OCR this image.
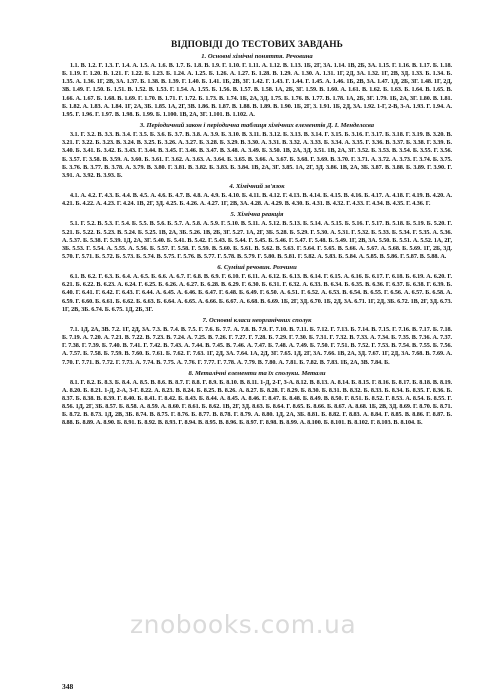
ВІДПОВІДІ ДО ТЕСТОВИХ ЗАВДАНЬ
1. Основні хімічні поняття. Речовина

1.1. В. 1.2. Г. 1.3. Г. 1.4. А. 1.5. А. 1.6. В. 1.7. Б. 1.8. В. 1.9. Г. 1.10. Г. 1.11. А. 1.12. В. 1.13. 1Б, 2Г, 3А. 1.14. 1В, 2Б, 3А. 1.15. Г. 1.16. В. 1.17. Б. 1.18. Б. 1.19. Г. 1.20. В. 1.21. Г. 1.22. Б. 1.23. Б. 1.24. А. 1.25. Б. 1.26. А. 1.27. Б. 1.28. В. 1.29. А. 1.30. А. 1.31. 1Г, 2Д, 3А. 1.32. 1Г, 2В, 3Д. 1.33. Б. 1.34. Б. 1.35. А. 1.36. 1Г, 2В, 3А. 1.37. Б. 1.38. В. 1.39. Г. 1.40. Б. 1.41. 1Б, 2В, 3Г. 1.42. Г. 1.43. Г. 1.44. Г. 1.45. А. 1.46. 1Б, 2В, 3А. 1.47. 1Д, 2Б, 3Г. 1.48. 1Г, 2Д, 3В. 1.49. Г. 1.50. Б. 1.51. В. 1.52. В. 1.53. Г. 1.54. А. 1.55. Б. 1.56. В. 1.57. В. 1.58. 1А, 2Б, 3Г. 1.59. В. 1.60. А. 1.61. В. 1.62. Б. 1.63. Б. 1.64. В. 1.65. В. 1.66. А. 1.67. Б. 1.68. В. 1.69. Г. 1.70. В. 1.71. Г. 1.72. Б. 1.73. В. 1.74. 1Б, 2А, 3Д. 1.75. Б. 1.76. В. 1.77. В. 1.78. 1А, 2Б, 3Г. 1.79. 1Б, 2А, 3Г. 1.80. В. 1.81. Б. 1.82. А. 1.83. А. 1.84. 1Г, 2А, 3Б. 1.85. 1А, 2Г, 3В. 1.86. В. 1.87. В. 1.88. В. 1.89. В. 1.90. 1Б, 2Г, 3. 1.91. 1Б, 2Д, 3А. 1.92. 1-Г, 2-В, 3-А. 1.93. Г. 1.94. А. 1.95. Г. 1.96. Г. 1.97. В. 1.98. Б. 1.99. Б. 1.100. 1В, 2А, 3Г. 1.101. В. 1.102. А.

3. Періодичний закон і періодична таблиця хімічних елементів Д. І. Менделєєва

3.1. Г. 3.2. В. 3.3. В. 3.4. Г. 3.5. Б. 3.6. Б. 3.7. В. 3.8. А. 3.9. Б. 3.10. В. 3.11. В. 3.12. Б. 3.13. В. 3.14. Г. 3.15. Б. 3.16. Г. 3.17. Б. 3.18. Г. 3.19. В. 3.20. В. 3.21. Г. 3.22. Б. 3.23. В. 3.24. В. 3.25. Б. 3.26. А. 3.27. Б. 3.28. Б. 3.29. В. 3.30. А. 3.31. В. 3.32. А. 3.33. Б. 3.34. А. 3.35. Г. 3.36. В. 3.37. Б. 3.38. Г. 3.39. Б. 3.40. Б. 3.41. Б. 3.42. Б. 3.43. Г. 3.44. В. 3.45. Г. 3.46. В. 3.47. В. 3.48. А. 3.49. Б. 3.50. 1В, 2А, 3Д. 3.51. 1В, 2А, 3Г. 3.52. Б. 3.53. В. 3.54. Б. 3.55. Г. 3.56. Б. 3.57. Г. 3.58. В. 3.59. А. 3.60. Б. 3.61. Г. 3.62. А. 3.63. А. 3.64. Б. 3.65. В. 3.66. А. 3.67. Б. 3.68. Г. 3.69. В. 3.70. Г. 3.71. А. 3.72. А. 3.73. Г. 3.74. Б. 3.75. Б. 3.76. В. 3.77. В. 3.78. А. 3.79. В. 3.80. Г. 3.81. В. 3.82. Б. 3.83. Б. 3.84. 1В, 2А, 3Г. 3.85. 1А, 2Г, 3Д. 3.86. 1В, 2А, 3Б. 3.87. В. 3.88. Б. 3.89. Г. 3.90. Г. 3.91. А. 3.92. В. 3.93. Б.

4. Хімічний зв'язок

4.1. А. 4.2. Г. 4.3. Б. 4.4. В. 4.5. А. 4.6. Б. 4.7. В. 4.8. А. 4.9. Б. 4.10. Б. 4.11. В. 4.12. Г. 4.13. В. 4.14. Б. 4.15. В. 4.16. Б. 4.17. А. 4.18. Г. 4.19. В. 4.20. А. 4.21. Б. 4.22. А. 4.23. Г. 4.24. 1В, 2Г, 3Д. 4.25. Б. 4.26. А. 4.27. 1Г, 2В, 3А. 4.28. А. 4.29. В. 4.30. Б. 4.31. В. 4.32. Г. 4.33. Г. 4.34. В. 4.35. Г. 4.36. Г.

5. Хімічна реакція

5.1. Г. 5.2. В. 5.3. Г. 5.4. Б. 5.5. В. 5.6. Б. 5.7. А. 5.8. А. 5.9. Г. 5.10. В. 5.11. А. 5.12. В. 5.13. Б. 5.14. А. 5.15. Б. 5.16. Г. 5.17. В. 5.18. Б. 5.19. Б. 5.20. Г. 5.21. Б. 5.22. Б. 5.23. В. 5.24. Б. 5.25. 1В, 2А, 3Б. 5.26. 1В, 2Б, 3Г. 5.27. 1А, 2Г, 3Б. 5.28. Б. 5.29. Г. 5.30. А. 5.31. Г. 5.32. Б. 5.33. Б. 5.34. Г. 5.35. А. 5.36. А. 5.37. Б. 5.38. Г. 5.39. 1Д, 2А, 3Г. 5.40. Б. 5.41. В. 5.42. Г. 5.43. Б. 5.44. Г. 5.45. Б. 5.46. Г. 5.47. Г. 5.48. Б. 5.49. 1Г, 2В, 3А. 5.50. Б. 5.51. А. 5.52. 1А, 2Г, 3Б. 5.53. Г. 5.54. А. 5.55. А. 5.56. Б. 5.57. Г. 5.58. Г. 5.59. В. 5.60. Б. 5.61. В. 5.62. В. 5.63. Г. 5.64. Г. 5.65. В. 5.66. А. 5.67. А. 5.68. Б. 5.69. 1Г, 2Б, 3Д. 5.70. Г. 5.71. Б. 5.72. Б. 5.73. Б. 5.74. В. 5.75. Г. 5.76. В. 5.77. Г. 5.78. В. 5.79. Г. 5.80. В. 5.81. Г. 5.82. А. 5.83. Б. 5.84. А. 5.85. В. 5.86. Г. 5.87. В. 5.88. А.

6. Суміші речовин. Розчини

6.1. В. 6.2. Г. 6.3. Б. 6.4. А. 6.5. Б. 6.6. А. 6.7. Г. 6.8. В. 6.9. Г. 6.10. Г. 6.11. А. 6.12. Б. 6.13. В. 6.14. Г. 6.15. А. 6.16. Б. 6.17. Г. 6.18. Б. 6.19. А. 6.20. Г. 6.21. Б. 6.22. В. 6.23. А. 6.24. Г. 6.25. Б. 6.26. А. 6.27. Б. 6.28. В. 6.29. Г. 6.30. Б. 6.31. Г. 6.32. А. 6.33. В. 6.34. Б. 6.35. В. 6.36. Г. 6.37. Б. 6.38. Г. 6.39. Б. 6.40. Г. 6.41. Г. 6.42. Г. 6.43. Г. 6.44. А. 6.45. А. 6.46. Б. 6.47. Г. 6.48. Б. 6.49. Г. 6.50. А. 6.51. Г. 6.52. А. 6.53. В. 6.54. В. 6.55. Г. 6.56. А. 6.57. Б. 6.58. А. 6.59. Г. 6.60. Б. 6.61. Б. 6.62. Б. 6.63. Б. 6.64. А. 6.65. А. 6.66. Б. 6.67. А. 6.68. В. 6.69. 1Б, 2Г, 3Д. 6.70. 1Б, 2Д, 3А. 6.71. 1Г, 2Д, 3Б. 6.72. 1В, 2Г, 3Д. 6.73. 1Г, 2В, 3Б. 6.74. Б. 6.75. 1Д, 2Б, 3Г.

7. Основні класи неорганічних сполук

7.1. 1Д, 2А, 3В. 7.2. 1Г, 2Д, 3А. 7.3. В. 7.4. В. 7.5. Г. 7.6. Б. 7.7. А. 7.8. В. 7.9. Г. 7.10. В. 7.11. Б. 7.12. Г. 7.13. Б. 7.14. В. 7.15. Г. 7.16. В. 7.17. Б. 7.18. Б. 7.19. А. 7.20. А. 7.21. В. 7.22. В. 7.23. В. 7.24. А. 7.25. В. 7.26. Г. 7.27. Г. 7.28. Б. 7.29. Г. 7.30. Б. 7.31. Г. 7.32. В. 7.33. А. 7.34. Б. 7.35. В. 7.36. А. 7.37. Г. 7.38. Г. 7.39. Б. 7.40. В. 7.41. Г. 7.42. В. 7.43. А. 7.44. В. 7.45. В. 7.46. А. 7.47. Б. 7.48. А. 7.49. Б. 7.50. Г. 7.51. В. 7.52. Г. 7.53. В. 7.54. В. 7.55. Б. 7.56. А. 7.57. Б. 7.58. Б. 7.59. В. 7.60. Б. 7.61. Б. 7.62. Г. 7.63. 1Г, 2Д, 3А. 7.64. 1А, 2Д, 3Г. 7.65. 1Д, 2Г, 3А. 7.66. 1В, 2А, 3Д. 7.67. 1Г, 2Д, 3А. 7.68. В. 7.69. А. 7.70. Г. 7.71. В. 7.72. Г. 7.73. А. 7.74. В. 7.75. А. 7.76. Г. 7.77. Г. 7.78. А. 7.79. В. 7.80. А. 7.81. Б. 7.82. В. 7.83. 1Б, 2А, 3В. 7.84. Б.

8. Металічні елементи та їх сполуки. Метали

8.1. Г. 8.2. Б. 8.3. Б. 8.4. А. 8.5. В. 8.6. В. 8.7. Г. 8.8. Г. 8.9. Б. 8.10. В. 8.11. 1-Д, 2-Г, 3-А. 8.12. В. 8.13. А. 8.14. Б. 8.15. Г. 8.16. Б. 8.17. Б. 8.18. В. 8.19. А. 8.20. Б. 8.21. 1-Д, 2-А, 3-Г. 8.22. А. 8.23. В. 8.24. Б. 8.25. В. 8.26. А. 8.27. Б. 8.28. Г. 8.29. Б. 8.30. Б. 8.31. В. 8.32. Б. 8.33. Б. 8.34. Б. 8.35. Г. 8.36. Б. 8.37. Б. 8.38. В. 8.39. Г. 8.40. Б. 8.41. Г. 8.42. Б. 8.43. Б. 8.44. А. 8.45. А. 8.46. Г. 8.47. Б. 8.48. Б. 8.49. В. 8.50. Г. 8.51. Б. 8.52. Г. 8.53. А. 8.54. Б. 8.55. Г. 8.56. 1Д, 2Г, 3Б. 8.57. Б. 8.58. А. 8.59. А. 8.60. Г. 8.61. Б. 8.62. 1В, 2Г, 3Д. 8.63. Б. 8.64. Г. 8.65. Б. 8.66. Б. 8.67. А. 8.68. 1Б, 2В, 3Д. 8.69. Г. 8.70. Б. 8.71. Б. 8.72. В. 8.73. 1Д, 2В, 3Б. 8.74. В. 8.75. Г. 8.76. Б. 8.77. В. 8.78. Г. 8.79. А. 8.80. 1Д, 2А, 3Б. 8.81. Б. 8.82. Г. 8.83. А. 8.84. Г. 8.85. В. 8.86. Г. 8.87. Б. 8.88. Б. 8.89. А. 8.90. Б. 8.91. Б. 8.92. В. 8.93. Г. 8.94. В. 8.95. В. 8.96. Б. 8.97. Г. 8.98. В. 8.99. А. 8.100. Б. 8.101. В. 8.102. Г. 8.103. В. 8.104. Б.

znobooks.com.ua
348
